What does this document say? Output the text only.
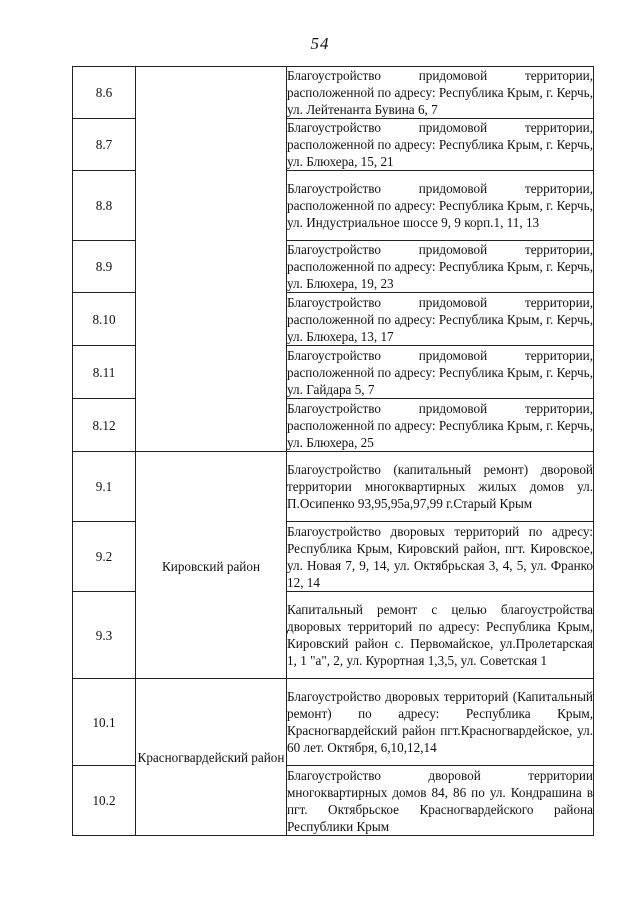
54
8.6		Благоустройство придомовой территории, расположенной по адресу: Республика Крым, г. Керчь, ул. Лейтенанта Бувина 6, 7
8.7		Благоустройство придомовой территории, расположенной по адресу: Республика Крым, г. Керчь, ул. Блюхера, 15, 21
8.8		Благоустройство придомовой территории, расположенной по адресу: Республика Крым, г. Керчь, ул. Индустриальное шоссе 9, 9 корп.1, 11, 13
8.9		Благоустройство придомовой территории, расположенной по адресу: Республика Крым, г. Керчь, ул. Блюхера, 19, 23
8.10		Благоустройство придомовой территории, расположенной по адресу: Республика Крым, г. Керчь, ул. Блюхера, 13, 17
8.11		Благоустройство придомовой территории, расположенной по адресу: Республика Крым, г. Керчь, ул. Гайдара 5, 7
8.12		Благоустройство придомовой территории, расположенной по адресу: Республика Крым, г. Керчь, ул. Блюхера, 25
9.1	Кировский район	Благоустройство (капитальный ремонт) дворовой территории многоквартирных жилых домов ул. П.Осипенко 93,95,95а,97,99 г.Старый Крым
9.2		Благоустройство дворовых территорий по адресу: Республика Крым, Кировский район, пгт. Кировское, ул. Новая 7, 9, 14, ул. Октябрьская 3, 4, 5, ул. Франко 12, 14
9.3		Капитальный ремонт с целью благоустройства дворовых территорий по адресу: Республика Крым, Кировский район с. Первомайское, ул.Пролетарская 1, 1 "а", 2, ул. Курортная 1,3,5, ул. Советская 1
10.1	Красногвардейский район	Благоустройство дворовых территорий (Капитальный ремонт) по адресу: Республика Крым, Красногвардейский район пгт.Красногвардейское, ул. 60 лет. Октября, 6,10,12,14
10.2		Благоустройство дворовой территории многоквартирных домов 84, 86 по ул. Кондрашина в пгт. Октябрьское Красногвардейского района Республики Крым
